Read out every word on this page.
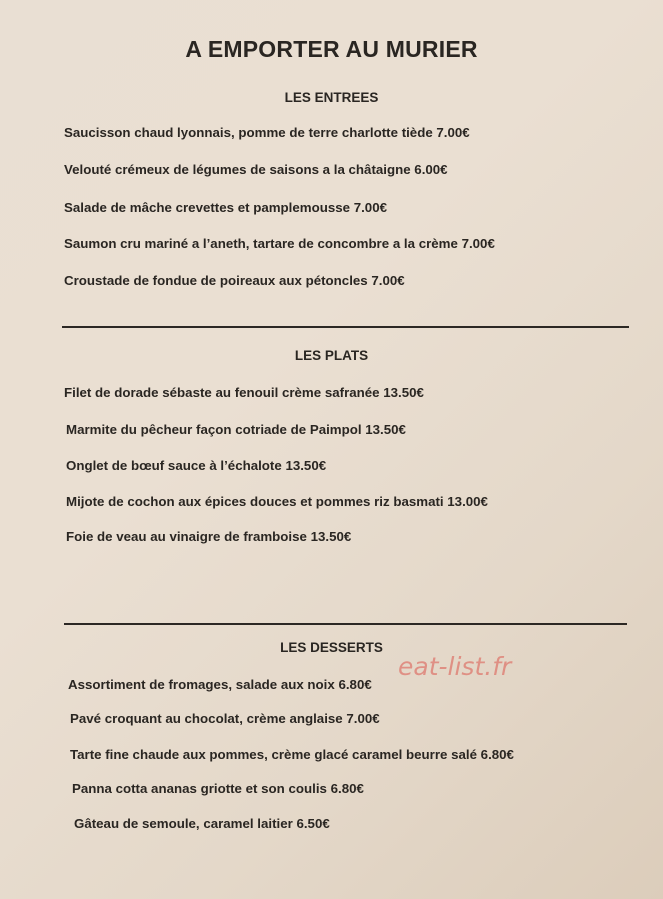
A EMPORTER AU MURIER
LES ENTREES
Saucisson chaud lyonnais, pomme de terre charlotte tiède 7.00€
Velouté crémeux de légumes de saisons a la châtaigne 6.00€
Salade de mâche crevettes et pamplemousse 7.00€
Saumon cru mariné a l’aneth, tartare de concombre a la crème 7.00€
Croustade de fondue de poireaux aux pétoncles 7.00€
LES PLATS
Filet de dorade sébaste au fenouil crème safranée 13.50€
Marmite du pêcheur façon cotriade de Paimpol 13.50€
Onglet de bœuf sauce à l’échalote 13.50€
Mijote de cochon aux épices douces et pommes riz basmati 13.00€
Foie de veau au vinaigre de framboise 13.50€
LES DESSERTS
Assortiment de fromages, salade aux noix 6.80€
Pavé croquant au chocolat, crème anglaise 7.00€
Tarte fine chaude aux pommes, crème glacé caramel beurre salé 6.80€
Panna cotta ananas griotte et son coulis 6.80€
Gâteau de semoule, caramel laitier 6.50€
eat-list.fr
